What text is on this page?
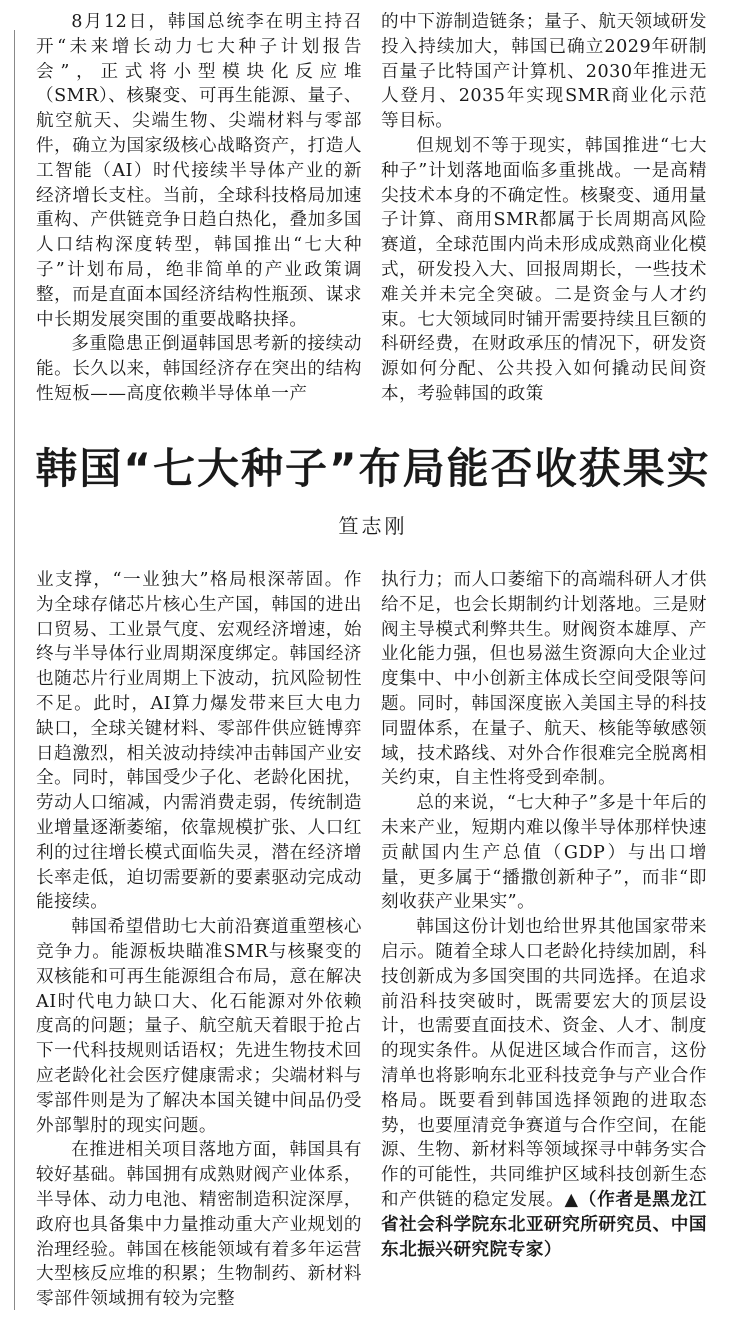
8月12日，韩国总统李在明主持召开“未来增长动力七大种子计划报告会”，正式将小型模块化反应堆（SMR）、核聚变、可再生能源、量子、航空航天、尖端生物、尖端材料与零部件，确立为国家级核心战略资产，打造人工智能（AI）时代接续半导体产业的新经济增长支柱。当前，全球科技格局加速重构、产供链竞争日趋白热化，叠加多国人口结构深度转型，韩国推出“七大种子”计划布局，绝非简单的产业政策调整，而是直面本国经济结构性瓶颈、谋求中长期发展突围的重要战略抉择。

多重隐患正倒逼韩国思考新的接续动能。长久以来，韩国经济存在突出的结构性短板——高度依赖半导体单一产

的中下游制造链条；量子、航天领域研发投入持续加大，韩国已确立2029年研制百量子比特国产计算机、2030年推进无人登月、2035年实现SMR商业化示范等目标。

但规划不等于现实，韩国推进“七大种子”计划落地面临多重挑战。一是高精尖技术本身的不确定性。核聚变、通用量子计算、商用SMR都属于长周期高风险赛道，全球范围内尚未形成成熟商业化模式，研发投入大、回报周期长，一些技术难关并未完全突破。二是资金与人才约束。七大领域同时铺开需要持续且巨额的科研经费，在财政承压的情况下，研发资源如何分配、公共投入如何撬动民间资本，考验韩国的政策

韩国“七大种子”布局能否收获果实
笪志刚

业支撑，“一业独大”格局根深蒂固。作为全球存储芯片核心生产国，韩国的进出口贸易、工业景气度、宏观经济增速，始终与半导体行业周期深度绑定。韩国经济也随芯片行业周期上下波动，抗风险韧性不足。此时，AI算力爆发带来巨大电力缺口，全球关键材料、零部件供应链博弈日趋激烈，相关波动持续冲击韩国产业安全。同时，韩国受少子化、老龄化困扰，劳动人口缩减，内需消费走弱，传统制造业增量逐渐萎缩，依靠规模扩张、人口红利的过往增长模式面临失灵，潜在经济增长率走低，迫切需要新的要素驱动完成动能接续。

韩国希望借助七大前沿赛道重塑核心竞争力。能源板块瞄准SMR与核聚变的双核能和可再生能源组合布局，意在解决AI时代电力缺口大、化石能源对外依赖度高的问题；量子、航空航天着眼于抢占下一代科技规则话语权；先进生物技术回应老龄化社会医疗健康需求；尖端材料与零部件则是为了解决本国关键中间品仍受外部掣肘的现实问题。

在推进相关项目落地方面，韩国具有较好基础。韩国拥有成熟财阀产业体系，半导体、动力电池、精密制造积淀深厚，政府也具备集中力量推动重大产业规划的治理经验。韩国在核能领域有着多年运营大型核反应堆的积累；生物制药、新材料零部件领域拥有较为完整

执行力；而人口萎缩下的高端科研人才供给不足，也会长期制约计划落地。三是财阀主导模式利弊共生。财阀资本雄厚、产业化能力强，但也易滋生资源向大企业过度集中、中小创新主体成长空间受限等问题。同时，韩国深度嵌入美国主导的科技同盟体系，在量子、航天、核能等敏感领域，技术路线、对外合作很难完全脱离相关约束，自主性将受到牵制。

总的来说，“七大种子”多是十年后的未来产业，短期内难以像半导体那样快速贡献国内生产总值（GDP）与出口增量，更多属于“播撒创新种子”，而非“即刻收获产业果实”。

韩国这份计划也给世界其他国家带来启示。随着全球人口老龄化持续加剧，科技创新成为多国突围的共同选择。在追求前沿科技突破时，既需要宏大的顶层设计，也需要直面技术、资金、人才、制度的现实条件。从促进区域合作而言，这份清单也将影响东北亚科技竞争与产业合作格局。既要看到韩国选择领跑的进取态势，也要厘清竞争赛道与合作空间，在能源、生物、新材料等领域探寻中韩务实合作的可能性，共同维护区域科技创新生态和产供链的稳定发展。▲（作者是黑龙江省社会科学院东北亚研究所研究员、中国东北振兴研究院专家）
